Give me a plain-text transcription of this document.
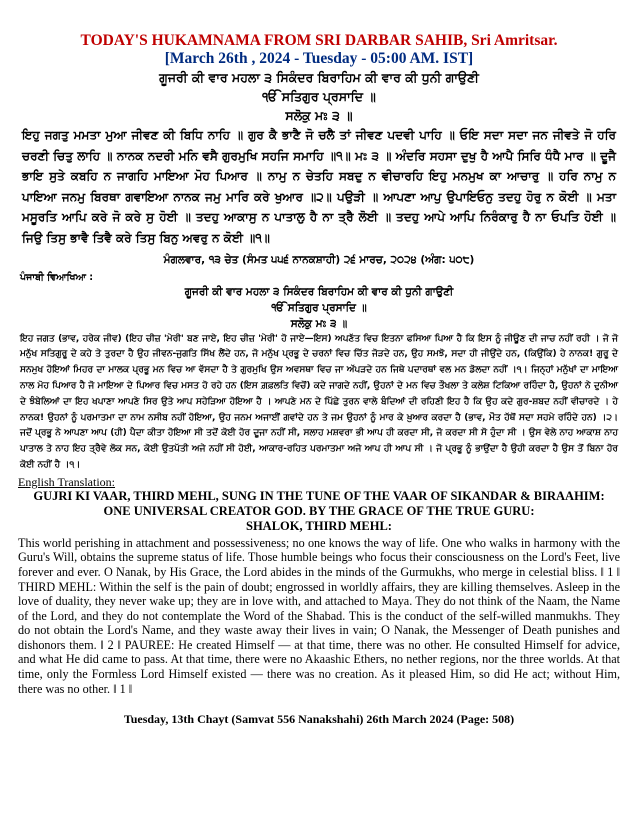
TODAY'S HUKAMNAMA FROM SRI DARBAR SAHIB, Sri Amritsar.

[March 26th , 2024 - Tuesday - 05:00 AM. IST]

ਗੂਜਰੀ ਕੀ ਵਾਰ ਮਹਲਾ ੩ ਸਿਕੰਦਰ ਬਿਰਾਹਿਮ ਕੀ ਵਾਰ ਕੀ ਧੁਨੀ ਗਾਉਣੀ

ੴ ਸਤਿਗੁਰ ਪ੍ਰਸਾਦਿ ॥

ਸਲੋਕੁ ਮਃ ੩ ॥

ਇਹੁ ਜਗਤੁ ਮਮਤਾ ਮੁਆ ਜੀਵਣ ਕੀ ਬਿਧਿ ਨਾਹਿ ॥ ਗੁਰ ਕੈ ਭਾਣੈ ਜੋ ਚਲੈ ਤਾਂ ਜੀਵਣ ਪਦਵੀ ਪਾਹਿ ॥ ਓਇ ਸਦਾ ਸਦਾ ਜਨ ਜੀਵਤੇ ਜੋ ਹਰਿ ਚਰਣੀ ਚਿਤੁ ਲਾਹਿ ॥ ਨਾਨਕ ਨਦਰੀ ਮਨਿ ਵਸੈ ਗੁਰਮੁਖਿ ਸਹਜਿ ਸਮਾਹਿ ॥੧॥ ਮਃ ੩ ॥ ਅੰਦਰਿ ਸਹਸਾ ਦੁਖੁ ਹੈ ਆਪੈ ਸਿਰਿ ਧੰਧੈ ਮਾਰ ॥ ਦੂਜੈ ਭਾਇ ਸੁਤੇ ਕਬਹਿ ਨ ਜਾਗਹਿ ਮਾਇਆ ਮੋਹ ਪਿਆਰ ॥ ਨਾਮੁ ਨ ਚੇਤਹਿ ਸਬਦੁ ਨ ਵੀਚਾਰਹਿ ਇਹੁ ਮਨਮੁਖ ਕਾ ਆਚਾਰੁ ॥ ਹਰਿ ਨਾਮੁ ਨ ਪਾਇਆ ਜਨਮੁ ਬਿਰਥਾ ਗਵਾਇਆ ਨਾਨਕ ਜਮੁ ਮਾਰਿ ਕਰੇ ਖੁਆਰ ॥੨॥ ਪਉੜੀ ॥ ਆਪਣਾ ਆਪੁ ਉਪਾਇਓਨੁ ਤਦਹੁ ਹੋਰੁ ਨ ਕੋਈ ॥ ਮਤਾ ਮਸੂਰਤਿ ਆਪਿ ਕਰੇ ਜੋ ਕਰੇ ਸੁ ਹੋਈ ॥ ਤਦਹੁ ਆਕਾਸੁ ਨ ਪਾਤਾਲੁ ਹੈ ਨਾ ਤ੍ਰੈ ਲੋਈ ॥ ਤਦਹੁ ਆਪੇ ਆਪਿ ਨਿਰੰਕਾਰੁ ਹੈ ਨਾ ਓਪਤਿ ਹੋਈ ॥ ਜਿਉ ਤਿਸੁ ਭਾਵੈ ਤਿਵੈ ਕਰੇ ਤਿਸੁ ਬਿਨੁ ਅਵਰੁ ਨ ਕੋਈ ॥੧॥

ਮੰਗਲਵਾਰ, ੧੩ ਚੇਤ (ਸੰਮਤ ੫੫੬ ਨਾਨਕਸ਼ਾਹੀ) ੨੬ ਮਾਰਚ, ੨੦੨੪ (ਅੰਗ: ੫੦੮)

ਪੰਜਾਬੀ ਵਿਆਖਿਆ :

ਗੂਜਰੀ ਕੀ ਵਾਰ ਮਹਲਾ ੩ ਸਿਕੰਦਰ ਬਿਰਾਹਿਮ ਕੀ ਵਾਰ ਕੀ ਧੁਨੀ ਗਾਉਣੀ

ੴ ਸਤਿਗੁਰ ਪ੍ਰਸਾਦਿ ॥

ਸਲੋਕੁ ਮਃ ੩ ॥

ਇਹ ਜਗਤ (ਭਾਵ, ਹਰੇਕ ਜੀਵ) (ਇਹ ਚੀਜ਼ 'ਮੇਰੀ' ਬਣ ਜਾਏ, ਇਹ ਚੀਜ਼ 'ਮੇਰੀ' ਹੋ ਜਾਏ—ਇਸ) ਅਪਣੱਤ ਵਿਚ ਇਤਨਾ ਫਸਿਆ ਪਿਆ ਹੈ ਕਿ ਇਸ ਨੂੰ ਜੀਊਣ ਦੀ ਜਾਚ ਨਹੀਂ ਰਹੀ । ਜੋ ਜੋ ਮਨੁੱਖ ਸਤਿਗੁਰੂ ਦੇ ਕਹੇ ਤੇ ਤੁਰਦਾ ਹੈ ਉਹ ਜੀਵਨ-ਜੁਗਤਿ ਸਿੱਖ ਲੈਂਦੇ ਹਨ, ਜੋ ਮਨੁੱਖ ਪ੍ਰਭੂ ਦੇ ਚਰਨਾਂ ਵਿਚ ਚਿੱਤ ਜੋੜਦੇ ਹਨ, ਉਹ ਸਮਝੋ, ਸਦਾ ਹੀ ਜੀਉਂਦੇ ਹਨ, (ਕਿਉਂਕਿ) ਹੇ ਨਾਨਕ! ਗੁਰੂ ਦੇ ਸਨਮੁਖ ਹੋਇਆਂ ਮਿਹਰ ਦਾ ਮਾਲਕ ਪ੍ਰਭੂ ਮਨ ਵਿਚ ਆ ਵੱਸਦਾ ਹੈ ਤੇ ਗੁਰਮੁਖਿ ਉਸ ਅਵਸਥਾ ਵਿਚ ਜਾ ਅੱਪੜਦੇ ਹਨ ਜਿਥੇ ਪਦਾਰਥਾਂ ਵਲ ਮਨ ਡੋਲਦਾ ਨਹੀਂ ।੧। ਜਿਨ੍ਹਾਂ ਮਨੁੱਖਾਂ ਦਾ ਮਾਇਆ ਨਾਲ ਮੋਹ ਪਿਆਰ ਹੈ ਜੋ ਮਾਇਆ ਦੇ ਪਿਆਰ ਵਿਚ ਮਸਤ ਹੋ ਰਹੇ ਹਨ (ਇਸ ਗ਼ਫ਼ਲਤਿ ਵਿਚੋਂ) ਕਦੇ ਜਾਗਦੇ ਨਹੀਂ, ਉਹਨਾਂ ਦੇ ਮਨ ਵਿਚ ਤੌਖਲਾ ਤੇ ਕਲੇਸ਼ ਟਿਕਿਆ ਰਹਿੰਦਾ ਹੈ, ਉਹਨਾਂ ਨੇ ਦੁਨੀਆ ਦੇ ਝੰਬੇਲਿਆਂ ਦਾ ਇਹ ਖਪਾਣਾ ਆਪਣੇ ਸਿਰ ਉਤੇ ਆਪ ਸਹੇੜਿਆ ਹੋਇਆ ਹੈ । ਆਪਣੇ ਮਨ ਦੇ ਪਿੱਛੇ ਤੁਰਨ ਵਾਲੇ ਬੰਦਿਆਂ ਦੀ ਰਹਿਣੀ ਇਹ ਹੈ ਕਿ ਉਹ ਕਦੇ ਗੁਰ-ਸ਼ਬਦ ਨਹੀਂ ਵੀਚਾਰਦੇ । ਹੇ ਨਾਨਕ! ਉਹਨਾਂ ਨੂੰ ਪਰਮਾਤਮਾ ਦਾ ਨਾਮ ਨਸੀਬ ਨਹੀਂ ਹੋਇਆ, ਉਹ ਜਨਮ ਅਜਾਈਂ ਗਵਾਂਦੇ ਹਨ ਤੇ ਜਮ ਉਹਨਾਂ ਨੂੰ ਮਾਰ ਕੇ ਖ਼ੁਆਰ ਕਰਦਾ ਹੈ (ਭਾਵ, ਮੌਤ ਹੱਥੋਂ ਸਦਾ ਸਹਮੇ ਰਹਿੰਦੇ ਹਨ) ।੨। ਜਦੋਂ ਪ੍ਰਭੂ ਨੇ ਆਪਣਾ ਆਪ (ਹੀ) ਪੈਦਾ ਕੀਤਾ ਹੋਇਆ ਸੀ ਤਦੋਂ ਕੋਈ ਹੋਰ ਦੂਜਾ ਨਹੀਂ ਸੀ, ਸਲਾਹ ਮਸ਼ਵਰਾ ਭੀ ਆਪ ਹੀ ਕਰਦਾ ਸੀ, ਜੋ ਕਰਦਾ ਸੀ ਸੋ ਹੁੰਦਾ ਸੀ । ਉਸ ਵੇਲੇ ਨਾਹ ਆਕਾਸ਼ ਨਾਹ ਪਾਤਾਲ ਤੇ ਨਾਹ ਇਹ ਤ੍ਰੈਵੇ ਲੋਕ ਸਨ, ਕੋਈ ਉਤਪੱਤੀ ਅਜੇ ਨਹੀਂ ਸੀ ਹੋਈ, ਆਕਾਰ-ਰਹਿਤ ਪਰਮਾਤਮਾ ਅਜੇ ਆਪ ਹੀ ਆਪ ਸੀ । ਜੋ ਪ੍ਰਭੂ ਨੂੰ ਭਾਉਂਦਾ ਹੈ ਉਹੀ ਕਰਦਾ ਹੈ ਉਸ ਤੋਂ ਬਿਨਾ ਹੋਰ ਕੋਈ ਨਹੀਂ ਹੈ ।੧।

English Translation:

GUJRI KI VAAR, THIRD MEHL, SUNG IN THE TUNE OF THE VAAR OF SIKANDAR & BIRAAHIM:

ONE UNIVERSAL CREATOR GOD. BY THE GRACE OF THE TRUE GURU:

SHALOK, THIRD MEHL:

This world perishing in attachment and possessiveness; no one knows the way of life. One who walks in harmony with the Guru's Will, obtains the supreme status of life. Those humble beings who focus their consciousness on the Lord's Feet, live forever and ever. O Nanak, by His Grace, the Lord abides in the minds of the Gurmukhs, who merge in celestial bliss. ‖ 1 ‖ THIRD MEHL: Within the self is the pain of doubt; engrossed in worldly affairs, they are killing themselves. Asleep in the love of duality, they never wake up; they are in love with, and attached to Maya. They do not think of the Naam, the Name of the Lord, and they do not contemplate the Word of the Shabad. This is the conduct of the self-willed manmukhs. They do not obtain the Lord's Name, and they waste away their lives in vain; O Nanak, the Messenger of Death punishes and dishonors them. ‖ 2 ‖ PAUREE: He created Himself — at that time, there was no other. He consulted Himself for advice, and what He did came to pass. At that time, there were no Akaashic Ethers, no nether regions, nor the three worlds. At that time, only the Formless Lord Himself existed — there was no creation. As it pleased Him, so did He act; without Him, there was no other. ‖ 1 ‖

Tuesday, 13th Chayt (Samvat 556 Nanakshahi) 26th March 2024 (Page: 508)
